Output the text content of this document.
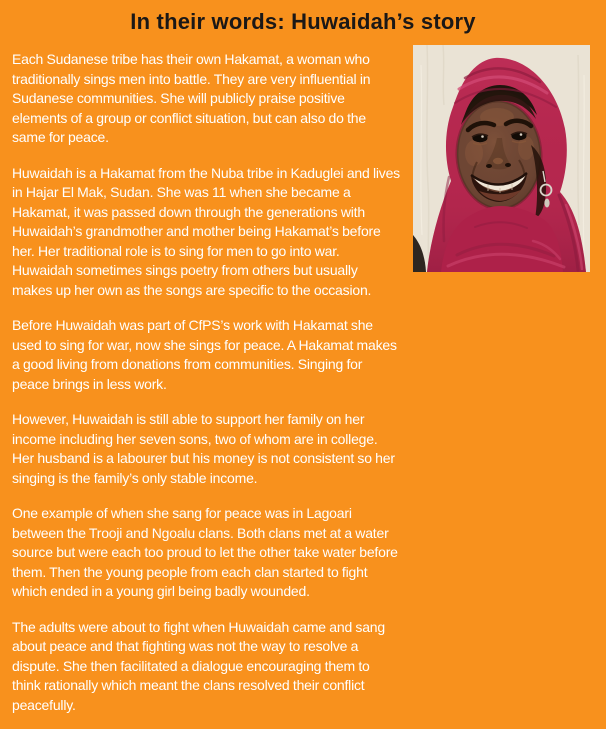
In their words: Huwaidah’s story

Each Sudanese tribe has their own Hakamat, a woman who traditionally sings men into battle. They are very influential in Sudanese communities. She will publicly praise positive elements of a group or conflict situation, but can also do the same for peace.

Huwaidah is a Hakamat from the Nuba tribe in Kaduglei and lives in Hajar El Mak, Sudan. She was 11 when she became a Hakamat, it was passed down through the generations with Huwaidah’s grandmother and mother being Hakamat’s before her. Her traditional role is to sing for men to go into war. Huwaidah sometimes sings poetry from others but usually makes up her own as the songs are specific to the occasion.

Before Huwaidah was part of CfPS’s work with Hakamat she used to sing for war, now she sings for peace. A Hakamat makes a good living from donations from communities. Singing for peace brings in less work.

However, Huwaidah is still able to support her family on her income including her seven sons, two of whom are in college. Her husband is a labourer but his money is not consistent so her singing is the family’s only stable income.

One example of when she sang for peace was in Lagoari between the Trooji and Ngoalu clans. Both clans met at a water source but were each too proud to let the other take water before them. Then the young people from each clan started to fight which ended in a young girl being badly wounded.

The adults were about to fight when Huwaidah came and sang about peace and that fighting was not the way to resolve a dispute. She then facilitated a dialogue encouraging them to think rationally which meant the clans resolved their conflict peacefully.
